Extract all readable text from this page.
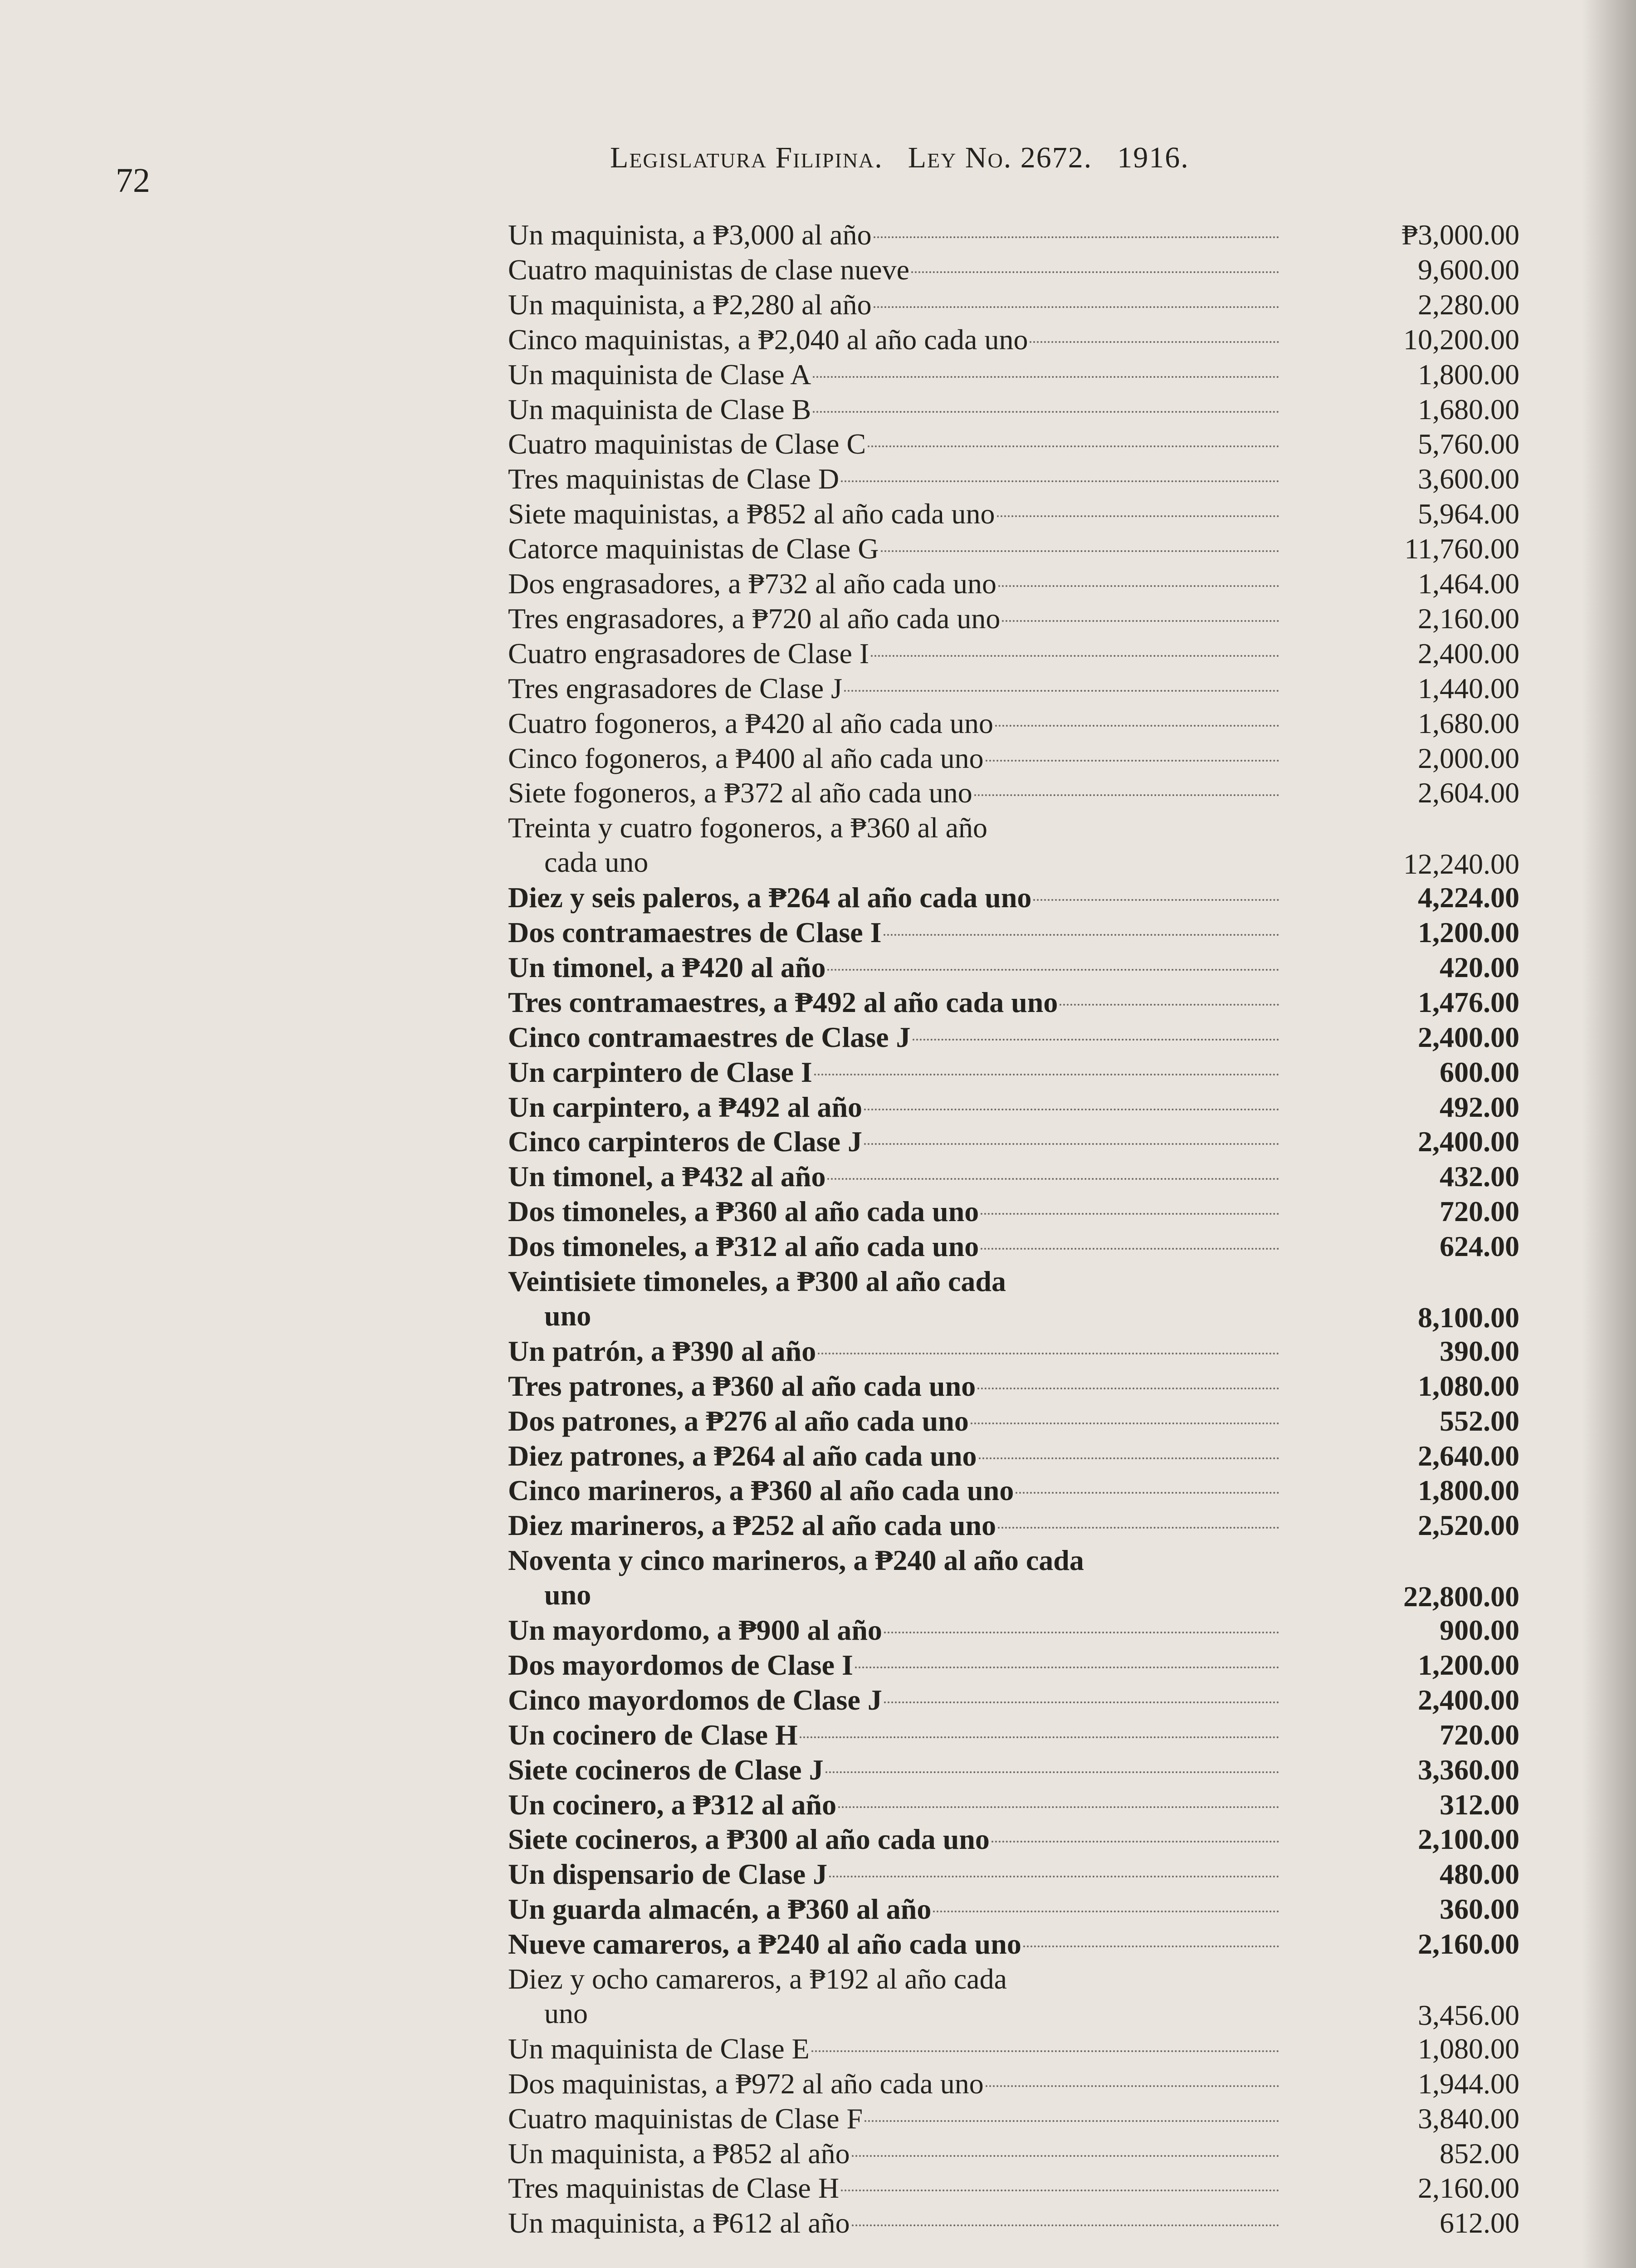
72
Legislatura Filipina. Ley No. 2672. 1916.
Un maquinista, a ₱3,000 al año	₱3,000.00
Cuatro maquinistas de clase nueve	9,600.00
Un maquinista, a ₱2,280 al año	2,280.00
Cinco maquinistas, a ₱2,040 al año cada uno	10,200.00
Un maquinista de Clase A	1,800.00
Un maquinista de Clase B	1,680.00
Cuatro maquinistas de Clase C	5,760.00
Tres maquinistas de Clase D	3,600.00
Siete maquinistas, a ₱852 al año cada uno	5,964.00
Catorce maquinistas de Clase G	11,760.00
Dos engrasadores, a ₱732 al año cada uno	1,464.00
Tres engrasadores, a ₱720 al año cada uno	2,160.00
Cuatro engrasadores de Clase I	2,400.00
Tres engrasadores de Clase J	1,440.00
Cuatro fogoneros, a ₱420 al año cada uno	1,680.00
Cinco fogoneros, a ₱400 al año cada uno	2,000.00
Siete fogoneros, a ₱372 al año cada uno	2,604.00
Treinta y cuatro fogoneros, a ₱360 al año
cada uno	12,240.00
Diez y seis paleros, a ₱264 al año cada uno	4,224.00
Dos contramaestres de Clase I	1,200.00
Un timonel, a ₱420 al año	420.00
Tres contramaestres, a ₱492 al año cada uno	1,476.00
Cinco contramaestres de Clase J	2,400.00
Un carpintero de Clase I	600.00
Un carpintero, a ₱492 al año	492.00
Cinco carpinteros de Clase J	2,400.00
Un timonel, a ₱432 al año	432.00
Dos timoneles, a ₱360 al año cada uno	720.00
Dos timoneles, a ₱312 al año cada uno	624.00
Veintisiete timoneles, a ₱300 al año cada
uno	8,100.00
Un patrón, a ₱390 al año	390.00
Tres patrones, a ₱360 al año cada uno	1,080.00
Dos patrones, a ₱276 al año cada uno	552.00
Diez patrones, a ₱264 al año cada uno	2,640.00
Cinco marineros, a ₱360 al año cada uno	1,800.00
Diez marineros, a ₱252 al año cada uno	2,520.00
Noventa y cinco marineros, a ₱240 al año cada
uno	22,800.00
Un mayordomo, a ₱900 al año	900.00
Dos mayordomos de Clase I	1,200.00
Cinco mayordomos de Clase J	2,400.00
Un cocinero de Clase H	720.00
Siete cocineros de Clase J	3,360.00
Un cocinero, a ₱312 al año	312.00
Siete cocineros, a ₱300 al año cada uno	2,100.00
Un dispensario de Clase J	480.00
Un guarda almacén, a ₱360 al año	360.00
Nueve camareros, a ₱240 al año cada uno	2,160.00
Diez y ocho camareros, a ₱192 al año cada
uno	3,456.00
Un maquinista de Clase E	1,080.00
Dos maquinistas, a ₱972 al año cada uno	1,944.00
Cuatro maquinistas de Clase F	3,840.00
Un maquinista, a ₱852 al año	852.00
Tres maquinistas de Clase H	2,160.00
Un maquinista, a ₱612 al año	612.00
